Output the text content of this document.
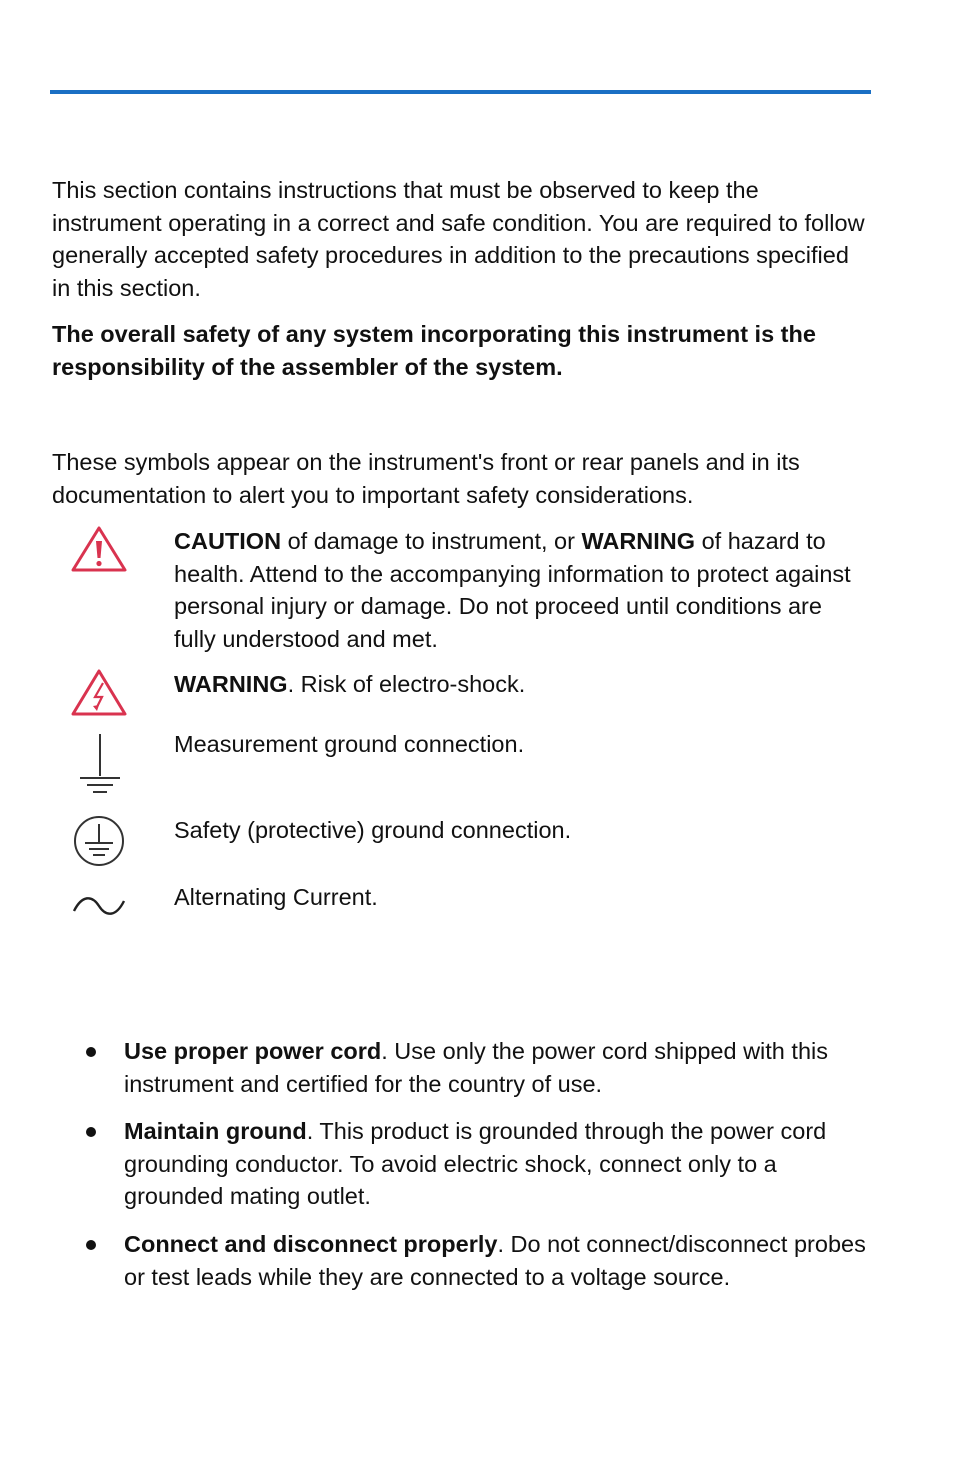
This section contains instructions that must be observed to keep the instrument operating in a correct and safe condition. You are required to follow generally accepted safety procedures in addition to the precautions specified in this section.

The overall safety of any system incorporating this instrument is the responsibility of the assembler of the system.

These symbols appear on the instrument's front or rear panels and in its documentation to alert you to important safety considerations.

CAUTION of damage to instrument, or WARNING of hazard to health. Attend to the accompanying information to protect against personal injury or damage. Do not proceed until conditions are fully understood and met.

WARNING. Risk of electro-shock.

Measurement ground connection.

Safety (protective) ground connection.

Alternating Current.

Use proper power cord. Use only the power cord shipped with this instrument and certified for the country of use.

Maintain ground. This product is grounded through the power cord grounding conductor. To avoid electric shock, connect only to a grounded mating outlet.

Connect and disconnect properly. Do not connect/disconnect probes or test leads while they are connected to a voltage source.
